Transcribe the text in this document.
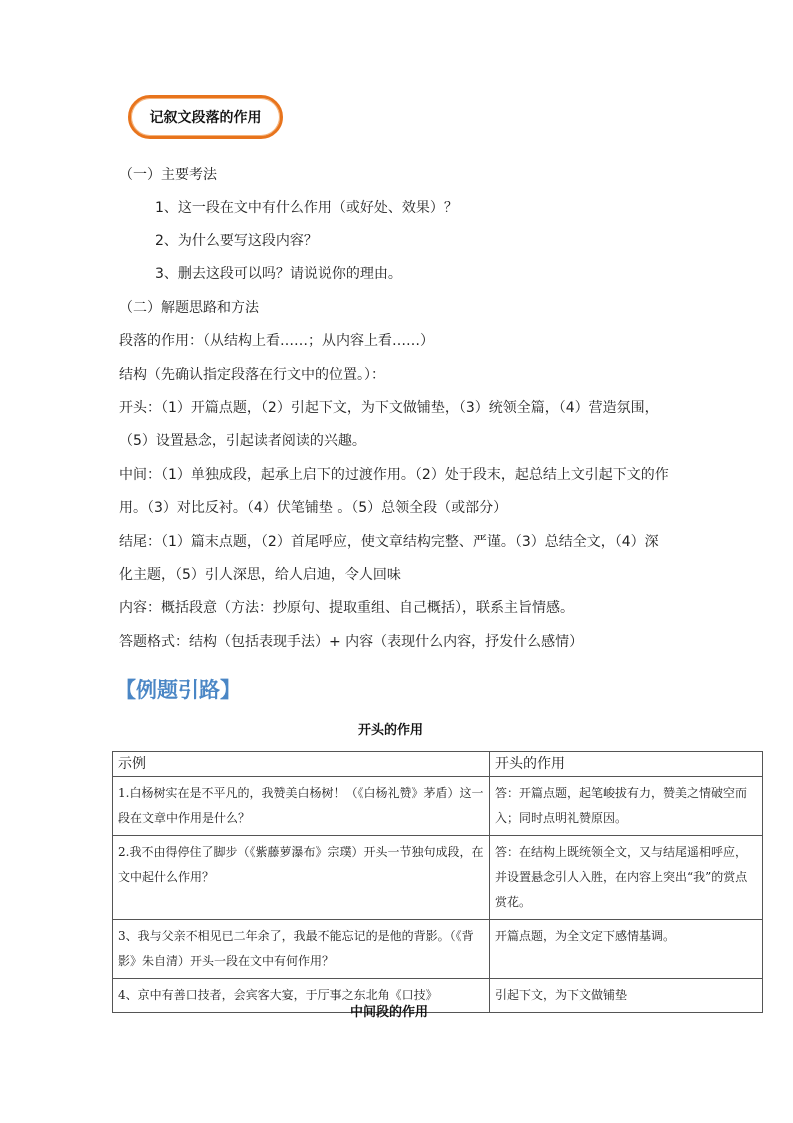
记叙文段落的作用
（一）主要考法
1、这一段在文中有什么作用（或好处、效果）？
2、为什么要写这段内容？
3、删去这段可以吗？请说说你的理由。
（二）解题思路和方法
段落的作用：（从结构上看……；从内容上看……）
结构（先确认指定段落在行文中的位置。）：
开头：（1）开篇点题，（2）引起下文，为下文做铺垫，（3）统领全篇，（4）营造氛围，
（5）设置悬念，引起读者阅读的兴趣。
中间：（1）单独成段，起承上启下的过渡作用。（2）处于段末，起总结上文引起下文的作
用。（3）对比反衬。（4）伏笔铺垫 。（5）总领全段（或部分）
结尾：（1）篇末点题，（2）首尾呼应，使文章结构完整、严谨。（3）总结全文，（4）深
化主题，（5）引人深思，给人启迪，令人回味
内容：概括段意（方法：抄原句、提取重组、自己概括），联系主旨情感。
答题格式：结构（包括表现手法）+ 内容（表现什么内容，抒发什么感情）
【例题引路】
开头的作用
示例	开头的作用
1.白杨树实在是不平凡的，我赞美白杨树！（《白杨礼赞》茅盾）这一段在文章中作用是什么？	答：开篇点题，起笔峻拔有力，赞美之情破空而入；同时点明礼赞原因。
2.我不由得停住了脚步（《紫藤萝瀑布》宗璞）开头一节独句成段，在文中起什么作用？	答：在结构上既统领全文，又与结尾遥相呼应，并设置悬念引人入胜，在内容上突出“我”的赏点赏花。
3、我与父亲不相见已二年余了，我最不能忘记的是他的背影。（《背影》朱自清）开头一段在文中有何作用？	开篇点题，为全文定下感情基调。
4、京中有善口技者，会宾客大宴，于厅事之东北角《口技》	引起下文，为下文做铺垫
中间段的作用
